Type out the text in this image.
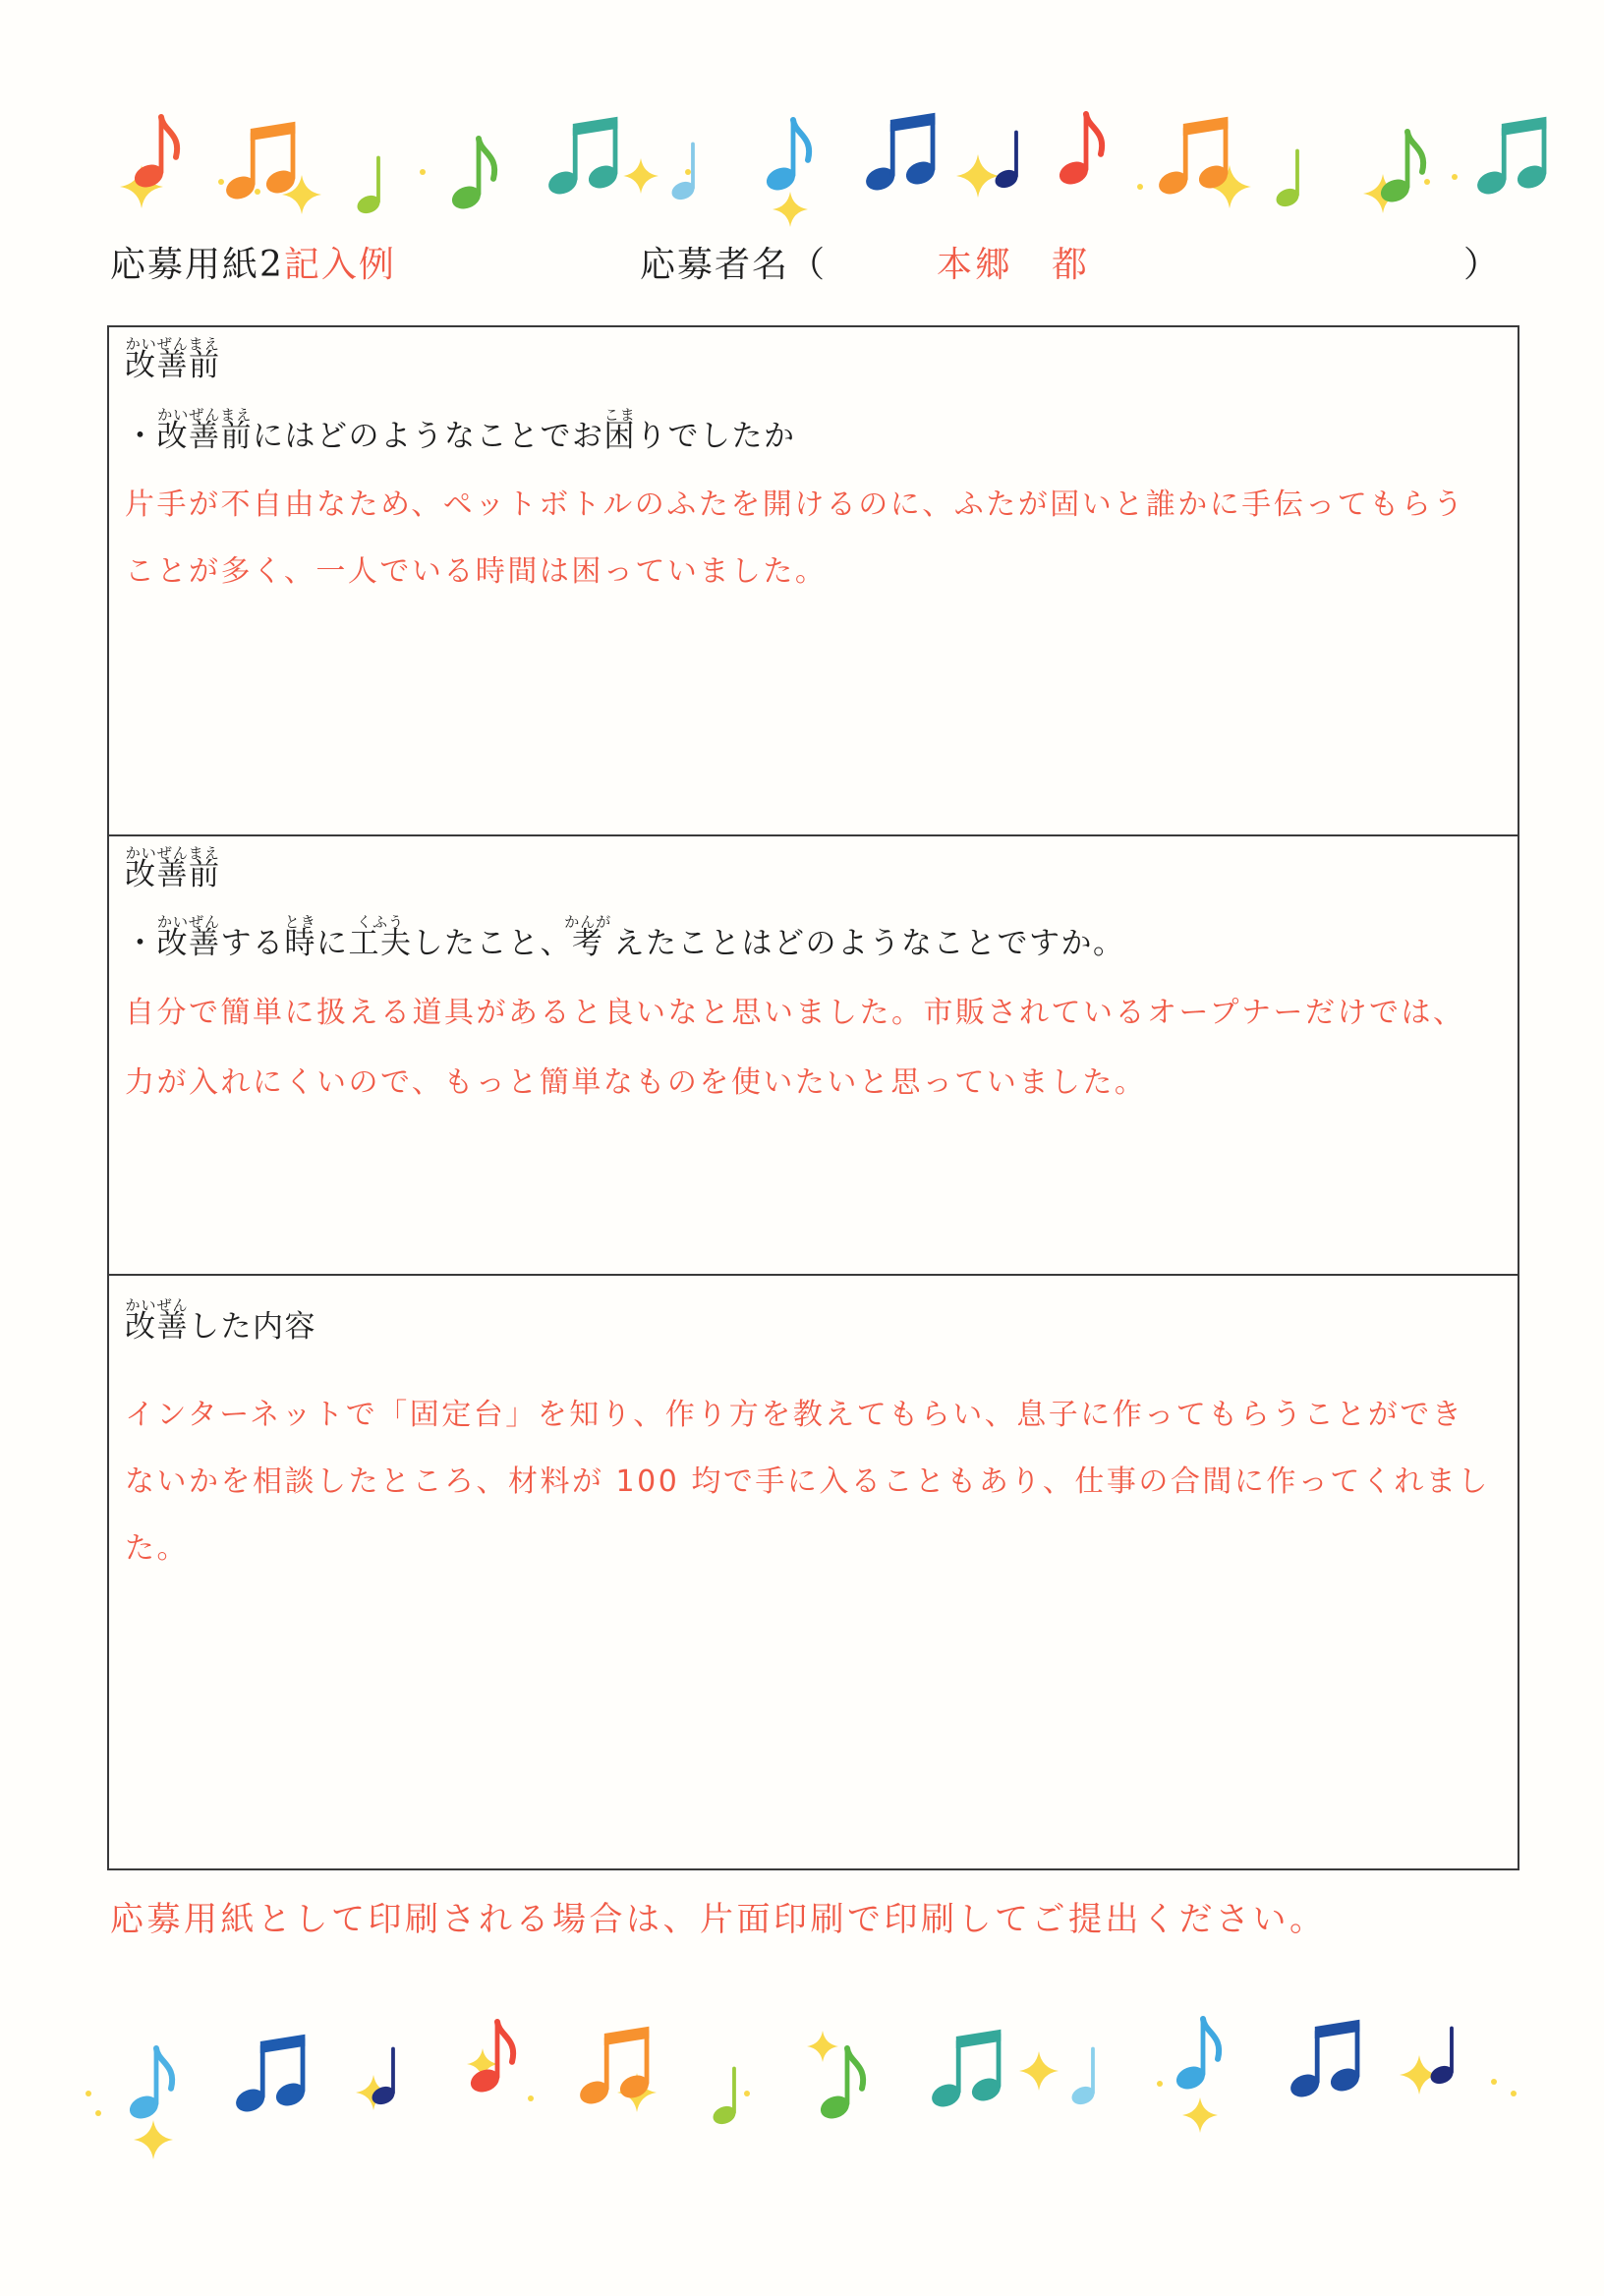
応募用紙2 記入例	応募者名（	本郷　都	）
かいぜんまえ
改善前
・
かいぜんまえ
改善前 にはどのようなことでお
こま
困 りでしたか
片手が不自由なため、ペットボトルのふたを開けるのに、ふたが固いと誰かに手伝ってもらう
ことが多く、一人でいる時間は困っていました。
かいぜんまえ
改善前
・
かいぜん
改善 する
とき
時 に
くふう
工夫 したこと、
かんが
考 えたことはどのようなことですか。
自分で簡単に扱える道具があると良いなと思いました。市販されているオープナーだけでは、
力が入れにくいので、もっと簡単なものを使いたいと思っていました。
かいぜん
改善 した内容
インターネットで「固定台」を知り、作り方を教えてもらい、息子に作ってもらうことができ
ないかを相談したところ、材料が 100 均で手に入ることもあり、仕事の合間に作ってくれまし
た。
応募用紙として印刷される場合は、片面印刷で印刷してご提出ください。
